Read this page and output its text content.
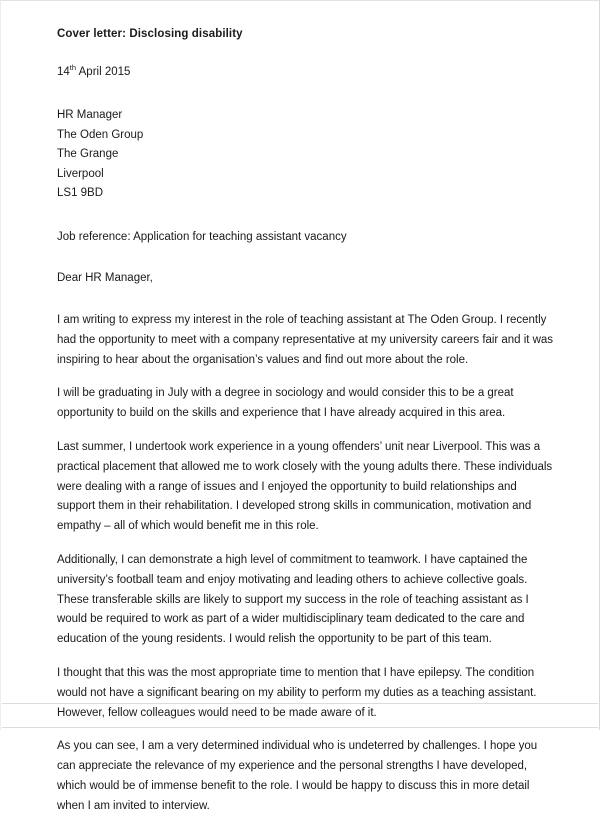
Cover letter: Disclosing disability

14th April 2015

HR Manager
The Oden Group
The Grange
Liverpool
LS1 9BD

Job reference: Application for teaching assistant vacancy

Dear HR Manager,

I am writing to express my interest in the role of teaching assistant at The Oden Group. I recently had the opportunity to meet with a company representative at my university careers fair and it was inspiring to hear about the organisation’s values and find out more about the role.

I will be graduating in July with a degree in sociology and would consider this to be a great opportunity to build on the skills and experience that I have already acquired in this area.

Last summer, I undertook work experience in a young offenders’ unit near Liverpool. This was a practical placement that allowed me to work closely with the young adults there. These individuals were dealing with a range of issues and I enjoyed the opportunity to build relationships and support them in their rehabilitation. I developed strong skills in communication, motivation and empathy – all of which would benefit me in this role.

Additionally, I can demonstrate a high level of commitment to teamwork. I have captained the university’s football team and enjoy motivating and leading others to achieve collective goals. These transferable skills are likely to support my success in the role of teaching assistant as I would be required to work as part of a wider multidisciplinary team dedicated to the care and education of the young residents. I would relish the opportunity to be part of this team.

I thought that this was the most appropriate time to mention that I have epilepsy. The condition would not have a significant bearing on my ability to perform my duties as a teaching assistant. However, fellow colleagues would need to be made aware of it.

As you can see, I am a very determined individual who is undeterred by challenges. I hope you can appreciate the relevance of my experience and the personal strengths I have developed, which would be of immense benefit to the role. I would be happy to discuss this in more detail when I am invited to interview.
